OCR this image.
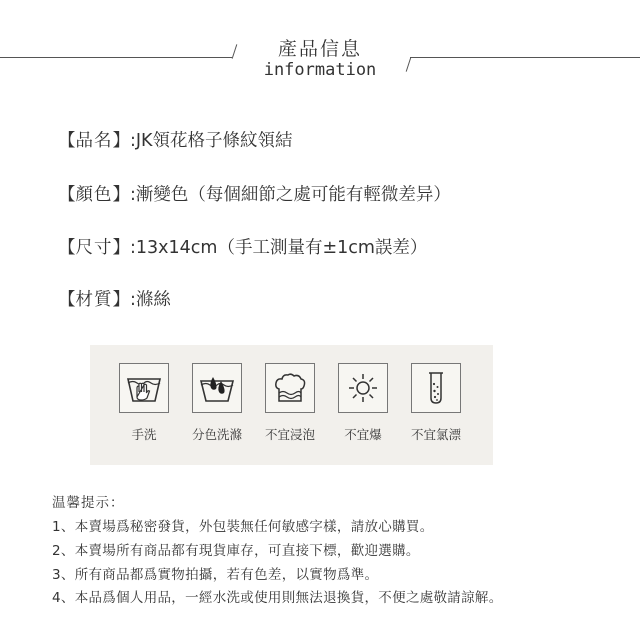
產品信息
information
【品名】:JK領花格子條紋領結
【顏色】:漸變色（每個細節之處可能有輕微差异）
【尺寸】:13x14cm（手工測量有±1cm誤差）
【材質】:滌絲
手洗	分色洗滌	不宜浸泡	不宜爆	不宜氯漂
温馨提示：
1、本賣場爲秘密發貨，外包裝無任何敏感字樣，請放心購買。
2、本賣場所有商品都有現貨庫存，可直接下標，歡迎選購。
3、所有商品都爲實物拍攝，若有色差，以實物爲準。
4、本品爲個人用品，一經水洗或使用則無法退換貨，不便之處敬請諒解。
